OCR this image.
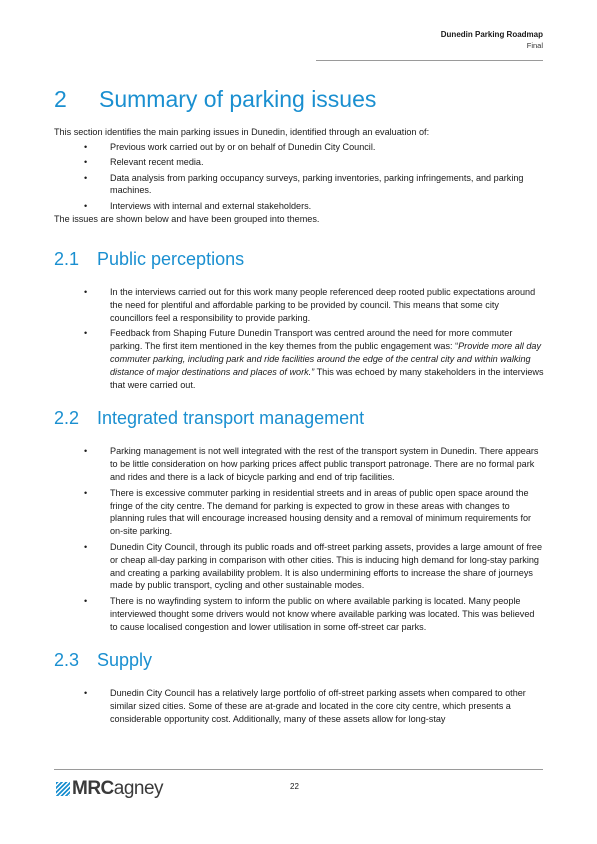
Dunedin Parking Roadmap
Final
2	Summary of parking issues

This section identifies the main parking issues in Dunedin, identified through an evaluation of:

•	Previous work carried out by or on behalf of Dunedin City Council.
•	Relevant recent media.
•	Data analysis from parking occupancy surveys, parking inventories, parking infringements, and parking machines.
•	Interviews with internal and external stakeholders.

The issues are shown below and have been grouped into themes.

2.1 Public perceptions
•	In the interviews carried out for this work many people referenced deep rooted public expectations around the need for plentiful and affordable parking to be provided by council. This means that some city councillors feel a responsibility to provide parking.
•	Feedback from Shaping Future Dunedin Transport was centred around the need for more commuter parking. The first item mentioned in the key themes from the public engagement was: “Provide more all day commuter parking, including park and ride facilities around the edge of the central city and within walking distance of major destinations and places of work.” This was echoed by many stakeholders in the interviews that were carried out.
2.2 Integrated transport management
•	Parking management is not well integrated with the rest of the transport system in Dunedin. There appears to be little consideration on how parking prices affect public transport patronage. There are no formal park and rides and there is a lack of bicycle parking and end of trip facilities.
•	There is excessive commuter parking in residential streets and in areas of public open space around the fringe of the city centre. The demand for parking is expected to grow in these areas with changes to planning rules that will encourage increased housing density and a removal of minimum requirements for on-site parking.
•	Dunedin City Council, through its public roads and off-street parking assets, provides a large amount of free or cheap all-day parking in comparison with other cities. This is inducing high demand for long-stay parking and creating a parking availability problem. It is also undermining efforts to increase the share of journeys made by public transport, cycling and other sustainable modes.
•	There is no wayfinding system to inform the public on where available parking is located. Many people interviewed thought some drivers would not know where available parking was located. This was believed to cause localised congestion and lower utilisation in some off-street car parks.
2.3 Supply
•	Dunedin City Council has a relatively large portfolio of off-street parking assets when compared to other similar sized cities. Some of these are at-grade and located in the core city centre, which presents a considerable opportunity cost. Additionally, many of these assets allow for long-stay
MRCagney	22
